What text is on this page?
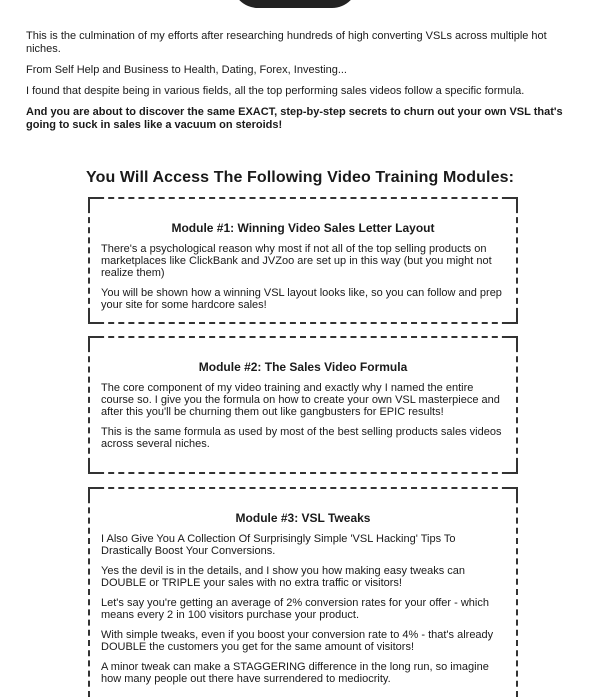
This is the culmination of my efforts after researching hundreds of high converting VSLs across multiple hot niches.

From Self Help and Business to Health, Dating, Forex, Investing...

I found that despite being in various fields, all the top performing sales videos follow a specific formula.

And you are about to discover the same EXACT, step-by-step secrets to churn out your own VSL that's going to suck in sales like a vacuum on steroids!

You Will Access The Following Video Training Modules:
Module #1: Winning Video Sales Letter Layout

There's a psychological reason why most if not all of the top selling products on marketplaces like ClickBank and JVZoo are set up in this way (but you might not realize them)

You will be shown how a winning VSL layout looks like, so you can follow and prep your site for some hardcore sales!

Module #2: The Sales Video Formula

The core component of my video training and exactly why I named the entire course so. I give you the formula on how to create your own VSL masterpiece and after this you'll be churning them out like gangbusters for EPIC results!

This is the same formula as used by most of the best selling products sales videos across several niches.

Module #3: VSL Tweaks

I Also Give You A Collection Of Surprisingly Simple 'VSL Hacking' Tips To Drastically Boost Your Conversions.

Yes the devil is in the details, and I show you how making easy tweaks can DOUBLE or TRIPLE your sales with no extra traffic or visitors!

Let's say you're getting an average of 2% conversion rates for your offer - which means every 2 in 100 visitors purchase your product.

With simple tweaks, even if you boost your conversion rate to 4% - that's already DOUBLE the customers you get for the same amount of visitors!

A minor tweak can make a STAGGERING difference in the long run, so imagine how many people out there have surrendered to mediocrity.
